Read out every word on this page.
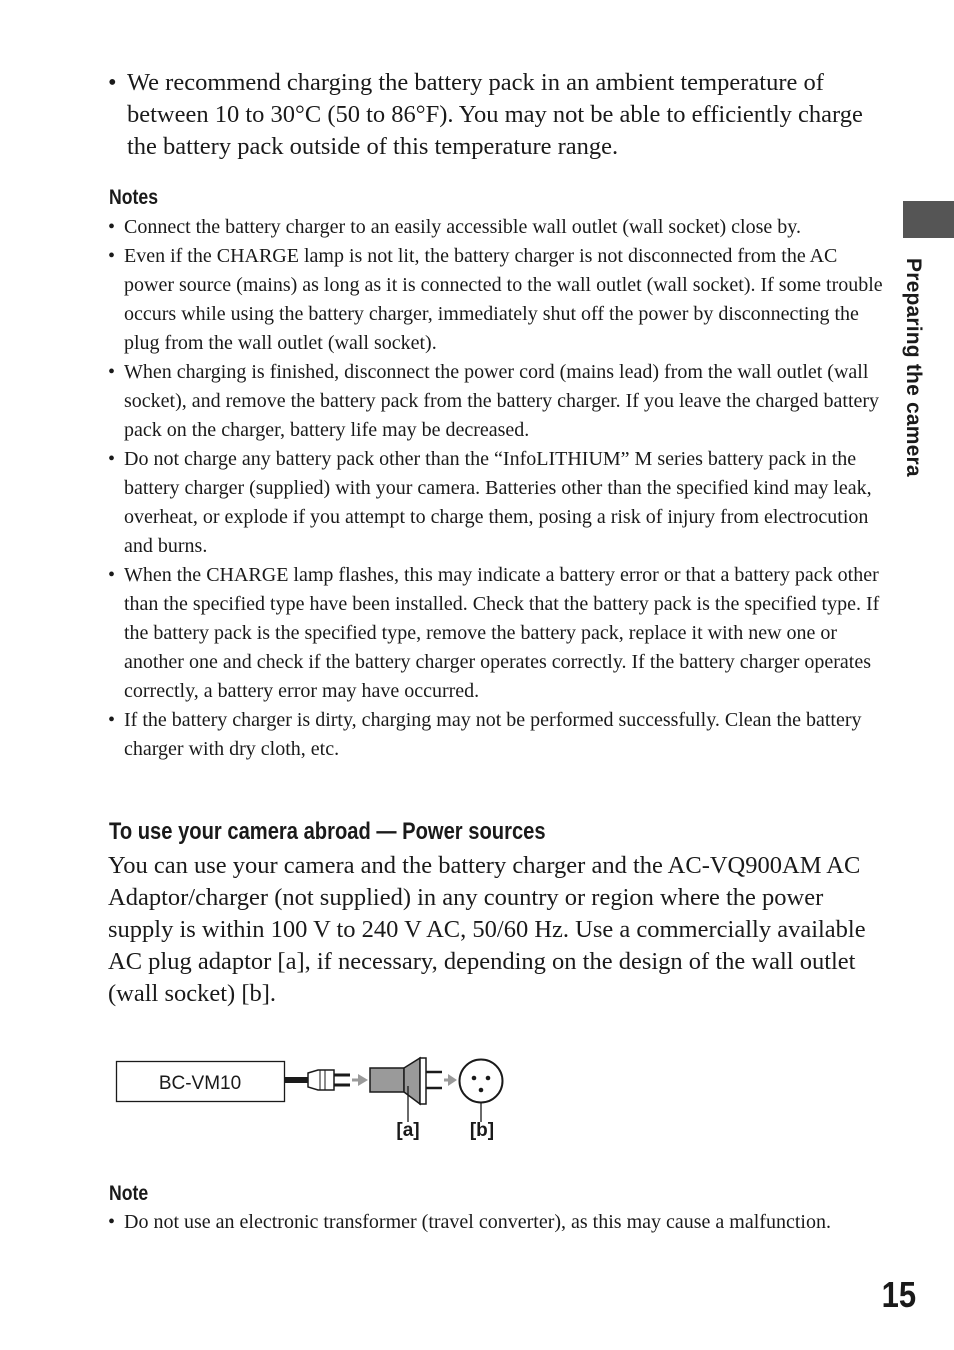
• We recommend charging the battery pack in an ambient temperature of between 10 to 30°C (50 to 86°F). You may not be able to efficiently charge the battery pack outside of this temperature range.
Notes
• Connect the battery charger to an easily accessible wall outlet (wall socket) close by.
• Even if the CHARGE lamp is not lit, the battery charger is not disconnected from the AC power source (mains) as long as it is connected to the wall outlet (wall socket). If some trouble occurs while using the battery charger, immediately shut off the power by disconnecting the plug from the wall outlet (wall socket).
• When charging is finished, disconnect the power cord (mains lead) from the wall outlet (wall socket), and remove the battery pack from the battery charger. If you leave the charged battery pack on the charger, battery life may be decreased.
• Do not charge any battery pack other than the “InfoLITHIUM” M series battery pack in the battery charger (supplied) with your camera. Batteries other than the specified kind may leak, overheat, or explode if you attempt to charge them, posing a risk of injury from electrocution and burns.
• When the CHARGE lamp flashes, this may indicate a battery error or that a battery pack other than the specified type have been installed. Check that the battery pack is the specified type. If the battery pack is the specified type, remove the battery pack, replace it with new one or another one and check if the battery charger operates correctly. If the battery charger operates correctly, a battery error may have occurred.
• If the battery charger is dirty, charging may not be performed successfully. Clean the battery charger with dry cloth, etc.
To use your camera abroad — Power sources
You can use your camera and the battery charger and the AC-VQ900AM AC Adaptor/charger (not supplied) in any country or region where the power supply is within 100 V to 240 V AC, 50/60 Hz. Use a commercially available AC plug adaptor [a], if necessary, depending on the design of the wall outlet (wall socket) [b].
BC-VM10
[a]	[b]
Note
• Do not use an electronic transformer (travel converter), as this may cause a malfunction.
Preparing the camera
15
